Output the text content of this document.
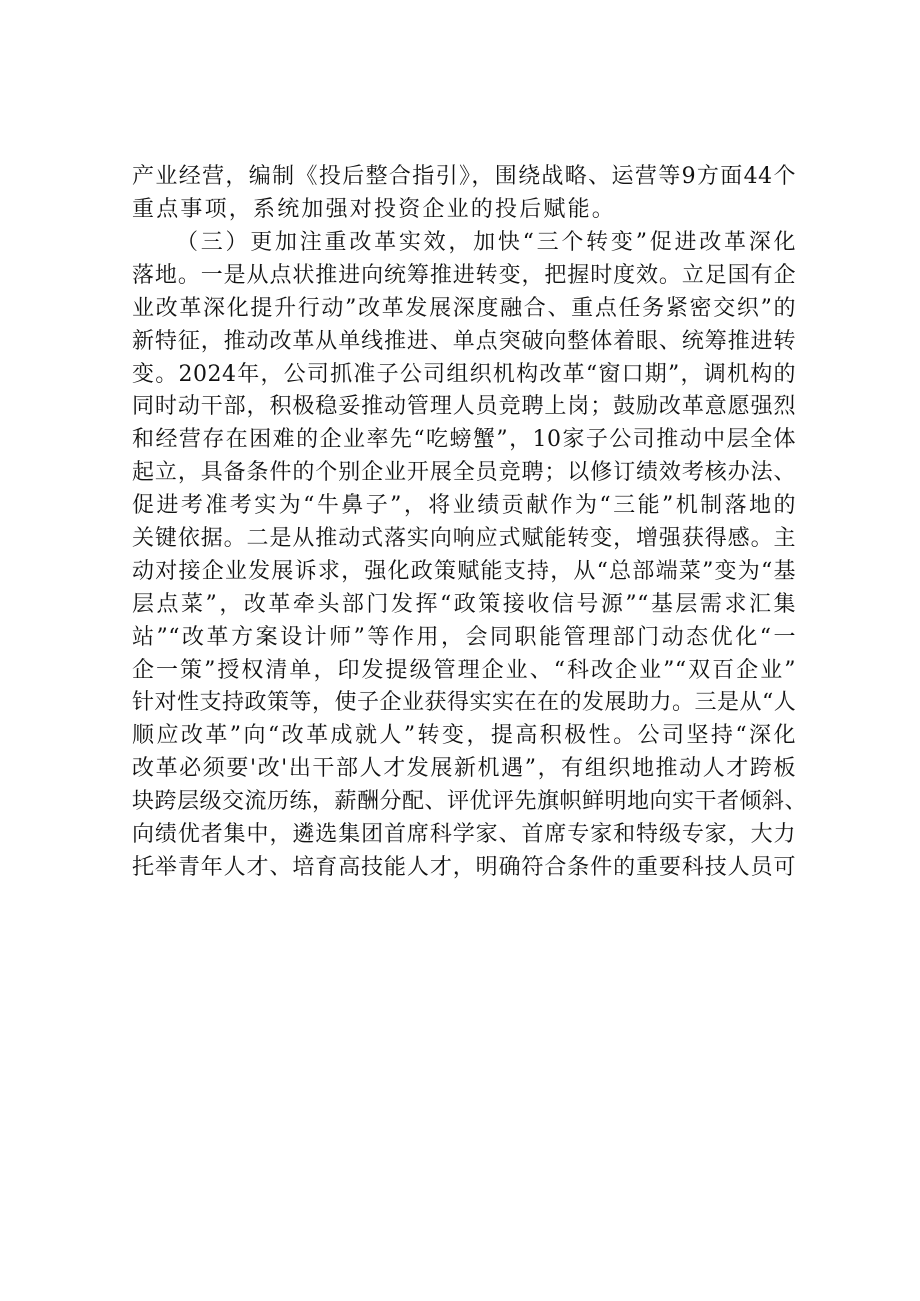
产业经营，编制《投后整合指引》，围绕战略、运营等9方面44个
重点事项，系统加强对投资企业的投后赋能。
（三）更加注重改革实效，加快“三个转变”促进改革深化
落地。一是从点状推进向统筹推进转变，把握时度效。立足国有企
业改革深化提升行动”改革发展深度融合、重点任务紧密交织”的
新特征，推动改革从单线推进、单点突破向整体着眼、统筹推进转
变。2024年，公司抓准子公司组织机构改革“窗口期”，调机构的
同时动干部，积极稳妥推动管理人员竞聘上岗；鼓励改革意愿强烈
和经营存在困难的企业率先“吃螃蟹”，10家子公司推动中层全体
起立，具备条件的个别企业开展全员竞聘；以修订绩效考核办法、
促进考准考实为“牛鼻子”，将业绩贡献作为“三能”机制落地的
关键依据。二是从推动式落实向响应式赋能转变，增强获得感。主
动对接企业发展诉求，强化政策赋能支持，从“总部端菜”变为“基
层点菜”，改革牵头部门发挥“政策接收信号源”“基层需求汇集
站”“改革方案设计师”等作用，会同职能管理部门动态优化“一
企一策”授权清单，印发提级管理企业、“科改企业”“双百企业”
针对性支持政策等，使子企业获得实实在在的发展助力。三是从“人
顺应改革”向“改革成就人”转变，提高积极性。公司坚持“深化
改革必须要'改'出干部人才发展新机遇”，有组织地推动人才跨板
块跨层级交流历练，薪酬分配、评优评先旗帜鲜明地向实干者倾斜、
向绩优者集中，遴选集团首席科学家、首席专家和特级专家，大力
托举青年人才、培育高技能人才，明确符合条件的重要科技人员可
